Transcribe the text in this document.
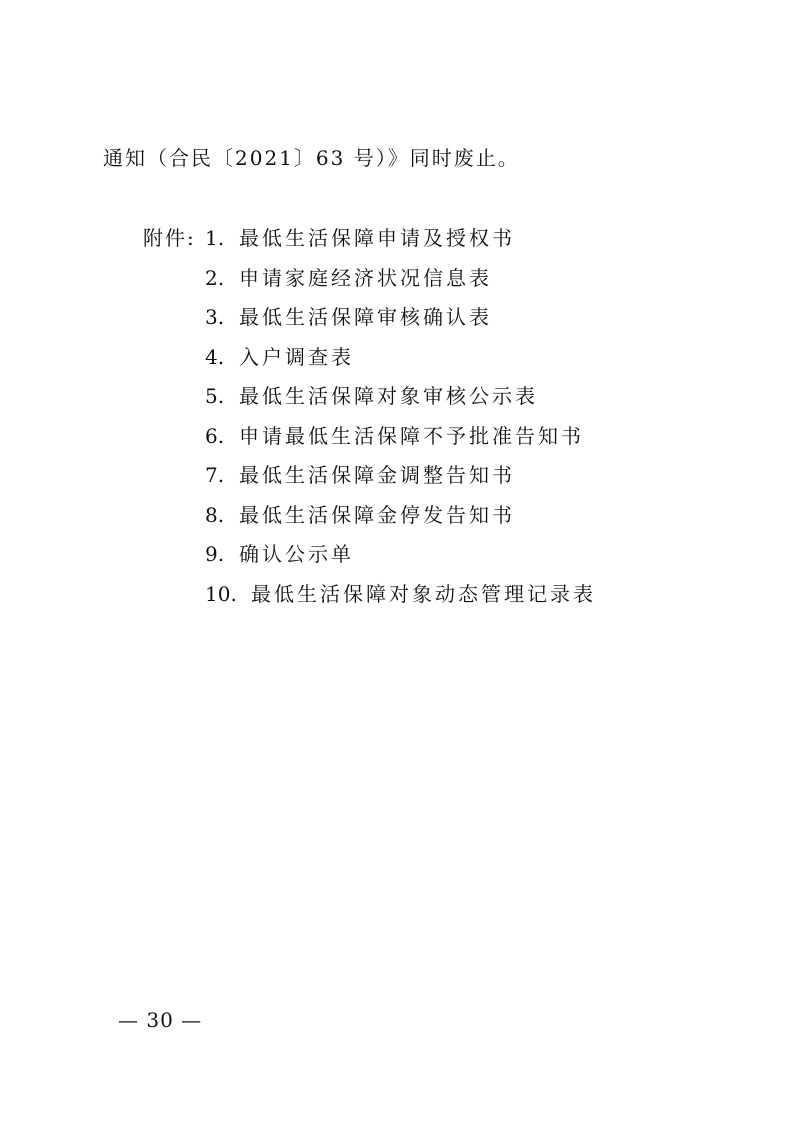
通知（合民〔2021〕63 号）》同时废止。
附件: 1. 最低生活保障申请及授权书
2. 申请家庭经济状况信息表
3. 最低生活保障审核确认表
4. 入户调查表
5. 最低生活保障对象审核公示表
6. 申请最低生活保障不予批准告知书
7. 最低生活保障金调整告知书
8. 最低生活保障金停发告知书
9. 确认公示单
10. 最低生活保障对象动态管理记录表
— 30 —
